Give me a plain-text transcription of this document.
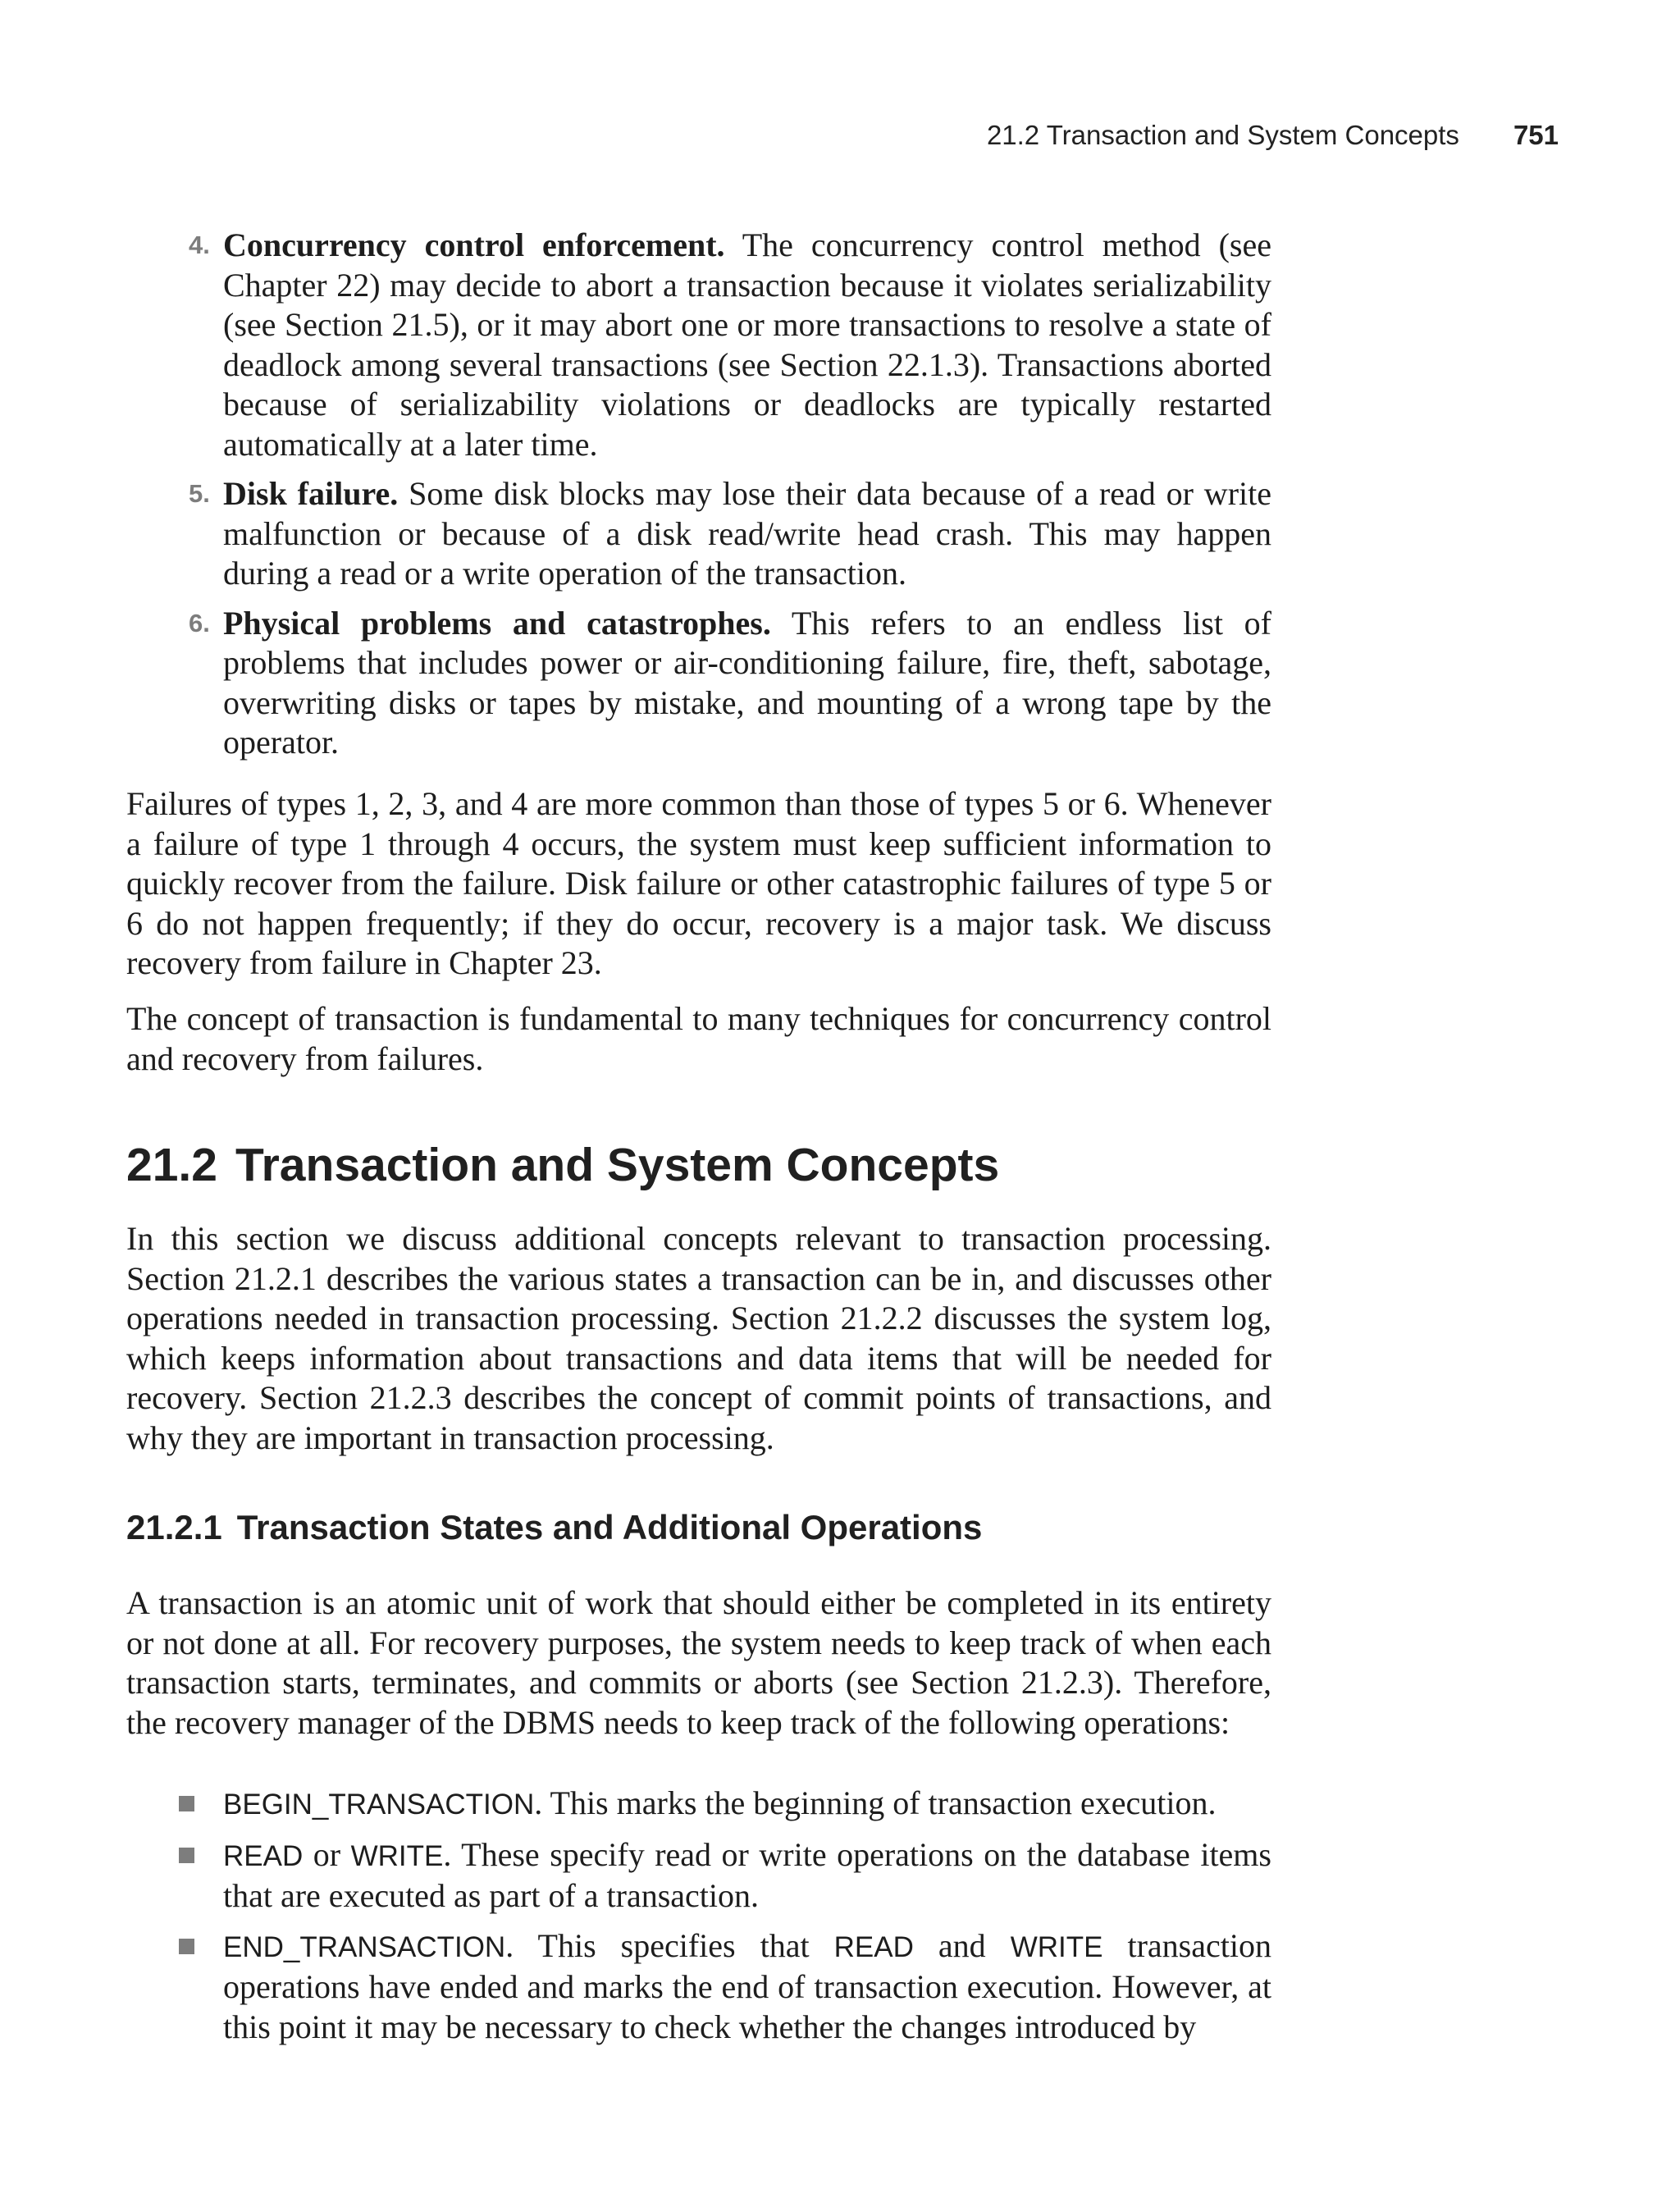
21.2 Transaction and System Concepts 751
4. Concurrency control enforcement. The concurrency control method (see Chapter 22) may decide to abort a transaction because it violates serializability (see Section 21.5), or it may abort one or more transactions to resolve a state of deadlock among several transactions (see Section 22.1.3). Transactions aborted because of serializability violations or deadlocks are typically restarted automatically at a later time.
5. Disk failure. Some disk blocks may lose their data because of a read or write malfunction or because of a disk read/write head crash. This may happen during a read or a write operation of the transaction.
6. Physical problems and catastrophes. This refers to an endless list of problems that includes power or air-conditioning failure, fire, theft, sabotage, overwriting disks or tapes by mistake, and mounting of a wrong tape by the operator.

Failures of types 1, 2, 3, and 4 are more common than those of types 5 or 6. Whenever a failure of type 1 through 4 occurs, the system must keep sufficient information to quickly recover from the failure. Disk failure or other catastrophic failures of type 5 or 6 do not happen frequently; if they do occur, recovery is a major task. We discuss recovery from failure in Chapter 23.

The concept of transaction is fundamental to many techniques for concurrency control and recovery from failures.

21.2 Transaction and System Concepts

In this section we discuss additional concepts relevant to transaction processing. Section 21.2.1 describes the various states a transaction can be in, and discusses other operations needed in transaction processing. Section 21.2.2 discusses the system log, which keeps information about transactions and data items that will be needed for recovery. Section 21.2.3 describes the concept of commit points of transactions, and why they are important in transaction processing.

21.2.1 Transaction States and Additional Operations

A transaction is an atomic unit of work that should either be completed in its entirety or not done at all. For recovery purposes, the system needs to keep track of when each transaction starts, terminates, and commits or aborts (see Section 21.2.3). Therefore, the recovery manager of the DBMS needs to keep track of the following operations:

BEGIN_TRANSACTION. This marks the beginning of transaction execution.
READ or WRITE. These specify read or write operations on the database items that are executed as part of a transaction.
END_TRANSACTION. This specifies that READ and WRITE transaction operations have ended and marks the end of transaction execution. However, at this point it may be necessary to check whether the changes introduced by
